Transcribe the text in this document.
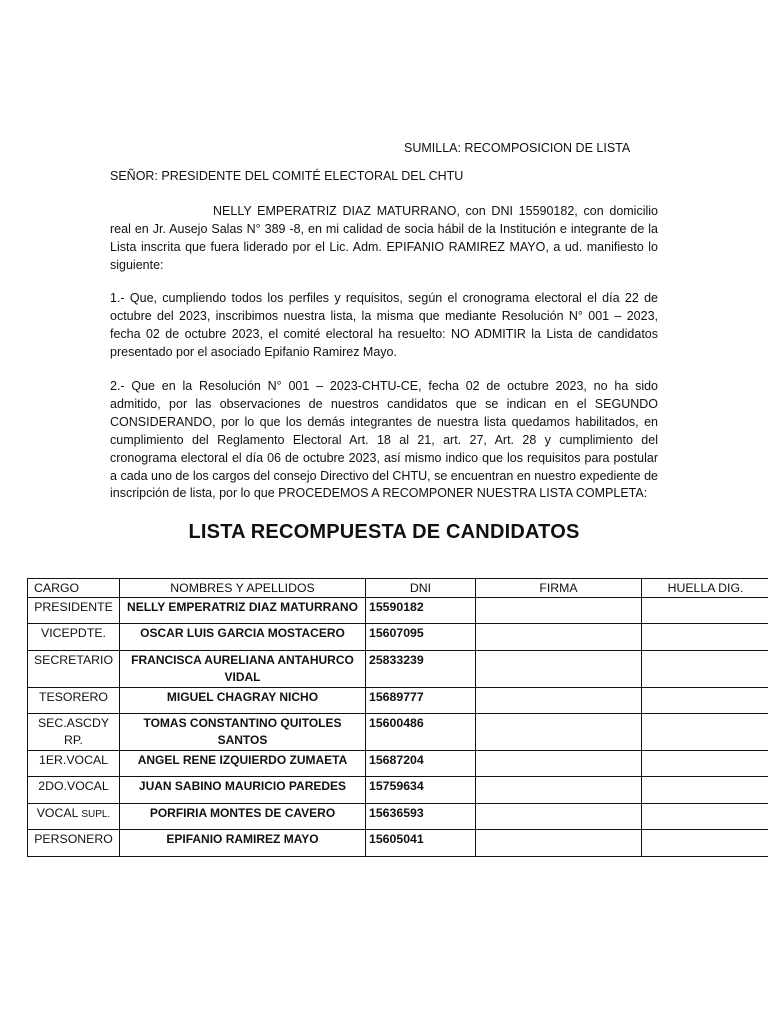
SUMILLA: RECOMPOSICION DE LISTA
SEÑOR: PRESIDENTE DEL COMITÉ ELECTORAL DEL CHTU

NELLY EMPERATRIZ DIAZ MATURRANO, con DNI 15590182, con domicilio real en Jr. Ausejo Salas N° 389 -8, en mi calidad de socia hábil de la Institución e integrante de la Lista inscrita que fuera liderado por el Lic. Adm. EPIFANIO RAMIREZ MAYO, a ud. manifiesto lo siguiente:

1.- Que, cumpliendo todos los perfiles y requisitos, según el cronograma electoral el día 22 de octubre del 2023, inscribimos nuestra lista, la misma que mediante Resolución N° 001 – 2023, fecha 02 de octubre 2023, el comité electoral ha resuelto: NO ADMITIR la Lista de candidatos presentado por el asociado Epifanio Ramirez Mayo.

2.- Que en la Resolución N° 001 – 2023-CHTU-CE, fecha 02 de octubre 2023, no ha sido admitido, por las observaciones de nuestros candidatos que se indican en el SEGUNDO CONSIDERANDO, por lo que los demás integrantes de nuestra lista quedamos habilitados, en cumplimiento del Reglamento Electoral Art. 18 al 21, art. 27, Art. 28 y cumplimiento del cronograma electoral el día 06 de octubre 2023, así mismo indico que los requisitos para postular a cada uno de los cargos del consejo Directivo del CHTU, se encuentran en nuestro expediente de inscripción de lista, por lo que PROCEDEMOS A RECOMPONER NUESTRA LISTA COMPLETA:

LISTA RECOMPUESTA DE CANDIDATOS
CARGO	NOMBRES Y APELLIDOS	DNI	FIRMA	HUELLA DIG.
PRESIDENTE	NELLY EMPERATRIZ DIAZ MATURRANO	15590182		
VICEPDTE.	OSCAR LUIS GARCIA MOSTACERO	15607095		
SECRETARIO	FRANCISCA AURELIANA ANTAHURCO VIDAL	25833239		
TESORERO	MIGUEL CHAGRAY NICHO	15689777		
SEC.ASCDY RP.	TOMAS CONSTANTINO QUITOLES SANTOS	15600486		
1ER.VOCAL	ANGEL RENE IZQUIERDO ZUMAETA	15687204		
2DO.VOCAL	JUAN SABINO MAURICIO PAREDES	15759634		
VOCAL SUPL.	PORFIRIA MONTES DE CAVERO	15636593		
PERSONERO	EPIFANIO RAMIREZ MAYO	15605041		
